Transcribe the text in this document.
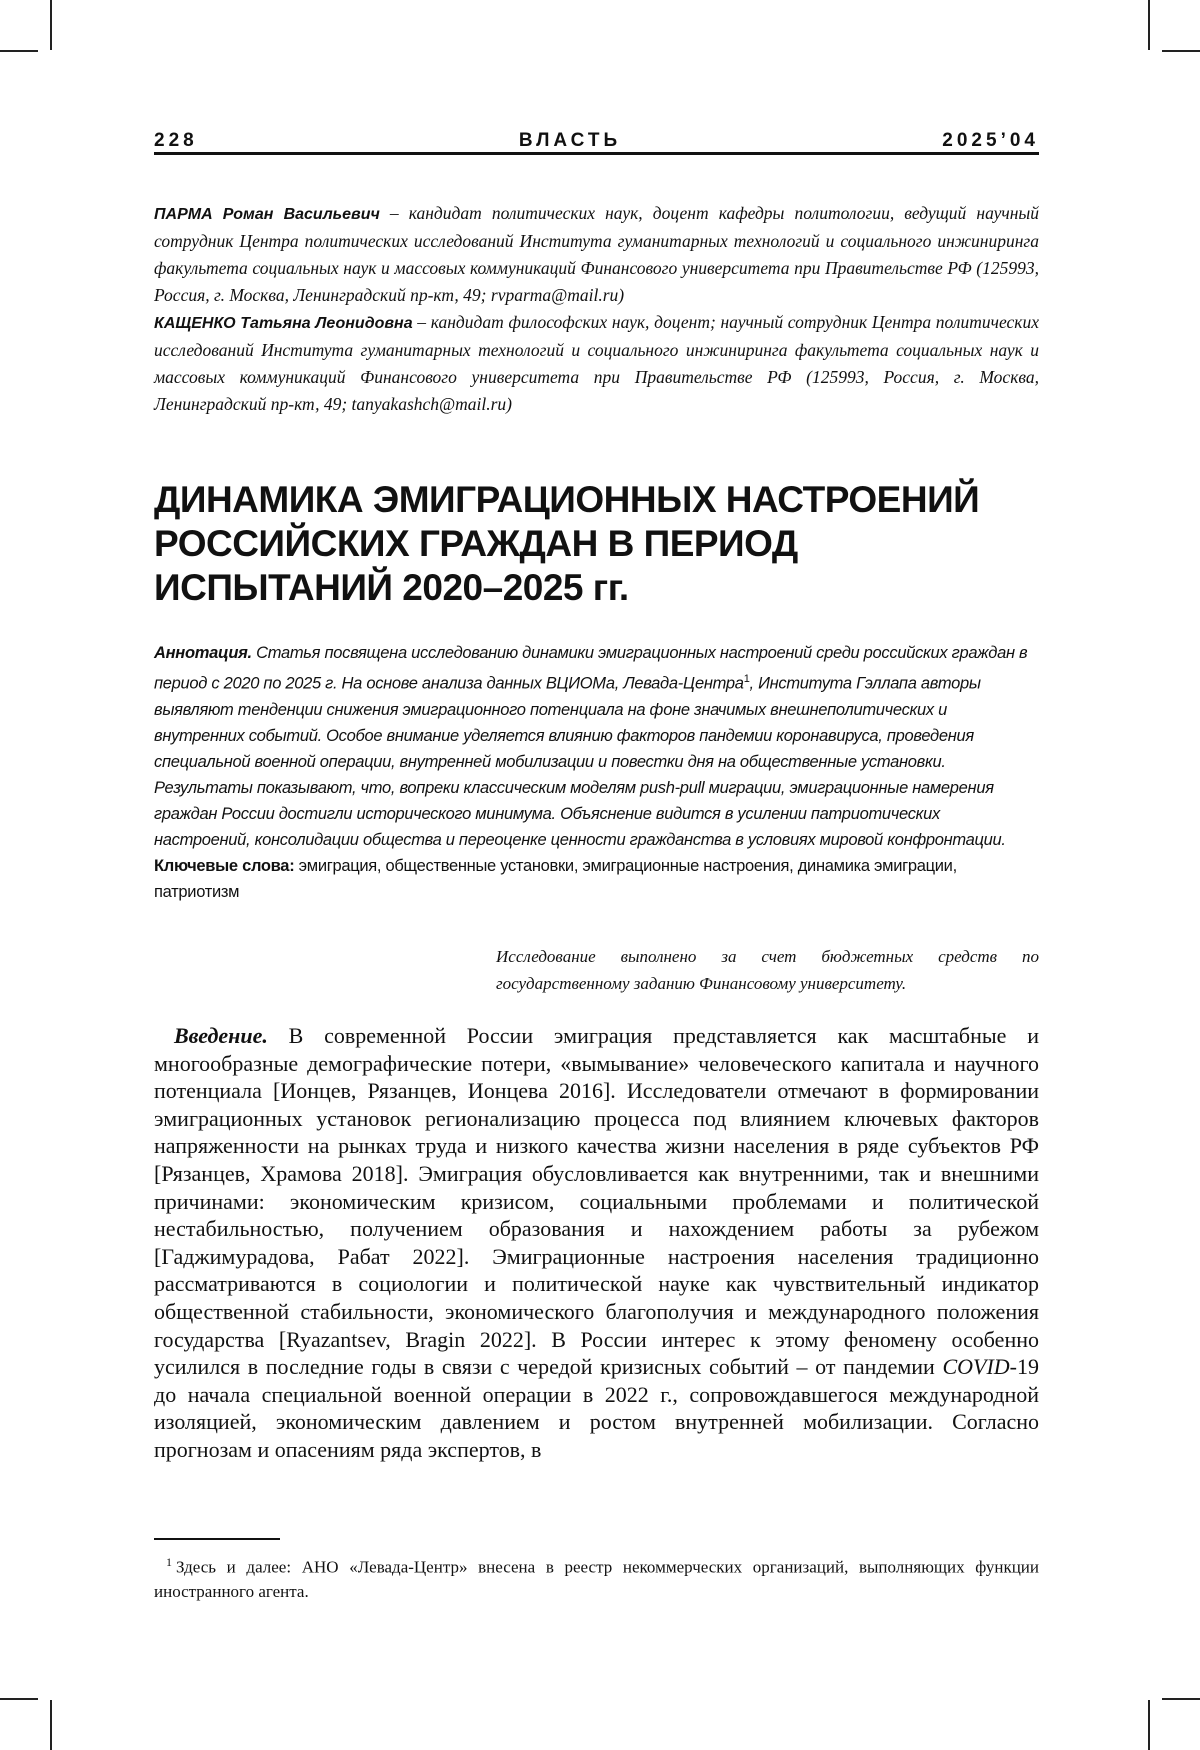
228	ВЛАСТЬ	2025’04
ПАРМА Роман Васильевич – кандидат политических наук, доцент кафедры политологии, ведущий научный сотрудник Центра политических исследований Института гуманитарных технологий и социального инжиниринга факультета социальных наук и массовых коммуникаций Финансового университета при Правительстве РФ (125993, Россия, г. Москва, Ленинградский пр-кт, 49; rvparma@mail.ru)
КАЩЕНКО Татьяна Леонидовна – кандидат философских наук, доцент; научный сотрудник Центра политических исследований Института гуманитарных технологий и социального инжиниринга факультета социальных наук и массовых коммуникаций Финансового университета при Правительстве РФ (125993, Россия, г. Москва, Ленинградский пр-кт, 49; tanyakashch@mail.ru)
ДИНАМИКА ЭМИГРАЦИОННЫХ НАСТРОЕНИЙ
РОССИЙСКИХ ГРАЖДАН В ПЕРИОД
ИСПЫТАНИЙ 2020–2025 гг.
Аннотация. Статья посвящена исследованию динамики эмиграционных настроений среди российских граждан в период с 2020 по 2025 г. На основе анализа данных ВЦИОМа, Левада-Центра$^1$, Института Гэллапа авторы выявляют тенденции снижения эмиграционного потенциала на фоне значимых внешнеполитических и внутренних событий. Особое внимание уделяется влиянию факторов пандемии коронавируса, проведения специальной военной операции, внутренней мобилизации и повестки дня на общественные установки. Результаты показывают, что, вопреки классическим моделям push-pull миграции, эмиграционные намерения граждан России достигли исторического минимума. Объяснение видится в усилении патриотических настроений, консолидации общества и переоценке ценности гражданства в условиях мировой конфронтации.
Ключевые слова: эмиграция, общественные установки, эмиграционные настроения, динамика эмиграции, патриотизм
Исследование выполнено за счет бюджетных средств по государственному заданию Финансовому университету.
Введение. В современной России эмиграция представляется как масштабные и многообразные демографические потери, «вымывание» человеческого капитала и научного потенциала [Ионцев, Рязанцев, Ионцева 2016]. Исследователи отмечают в формировании эмиграционных установок регионализацию процесса под влиянием ключевых факторов напряженности на рынках труда и низкого качества жизни населения в ряде субъектов РФ [Рязанцев, Храмова 2018]. Эмиграция обусловливается как внутренними, так и внешними причинами: экономическим кризисом, социальными проблемами и политической нестабильностью, получением образования и нахождением работы за рубежом [Гаджимурадова, Рабат 2022]. Эмиграционные настроения населения традиционно рассматриваются в социологии и политической науке как чувствительный индикатор общественной стабильности, экономического благополучия и международного положения государства [Ryazantsev, Bragin 2022]. В России интерес к этому феномену особенно усилился в последние годы в связи с чередой кризисных событий – от пандемии COVID-19 до начала специальной военной операции в 2022 г., сопровождавшегося международной изоляцией, экономическим давлением и ростом внутренней мобилизации. Согласно прогнозам и опасениям ряда экспертов, в
$^1$ Здесь и далее: АНО «Левада-Центр» внесена в реестр некоммерческих организаций, выполняющих функции иностранного агента.
